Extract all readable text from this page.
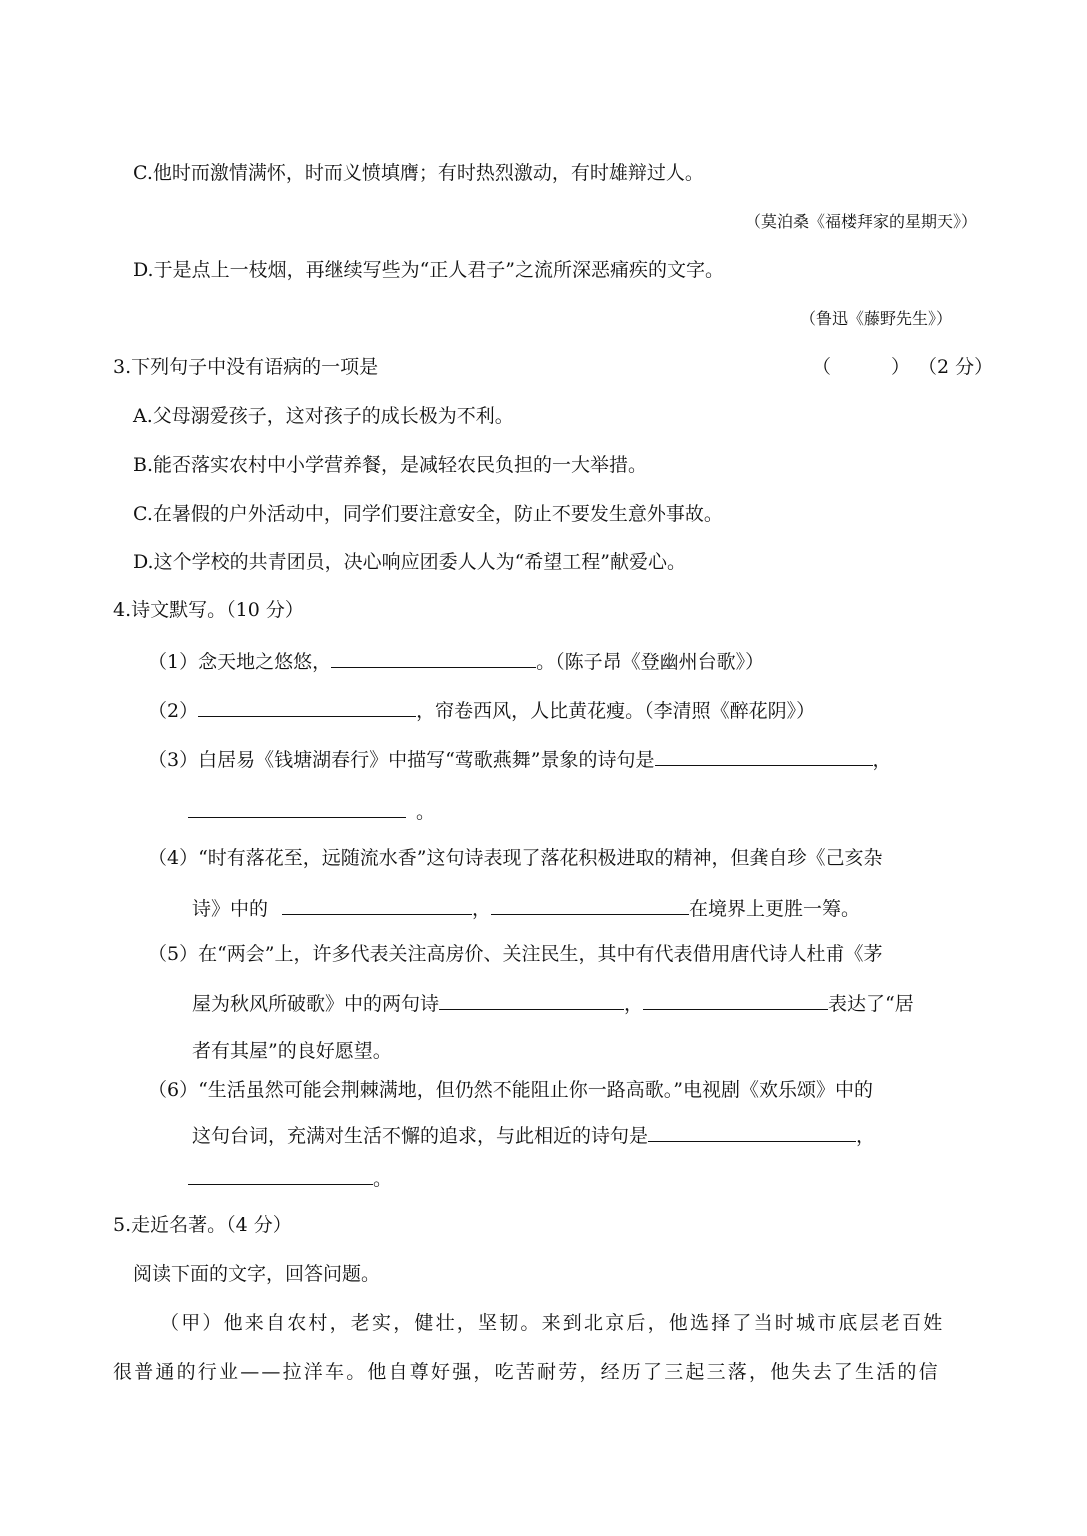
C.他时而激情满怀，时而义愤填膺；有时热烈激动，有时雄辩过人。
（莫泊桑《福楼拜家的星期天》）
D.于是点上一枝烟，再继续写些为“正人君子”之流所深恶痛疾的文字。
（鲁迅《藤野先生》）
3.下列句子中没有语病的一项是	（	） （2 分）
A.父母溺爱孩子，这对孩子的成长极为不利。
B.能否落实农村中小学营养餐，是减轻农民负担的一大举措。
C.在暑假的户外活动中，同学们要注意安全，防止不要发生意外事故。
D.这个学校的共青团员，决心响应团委人人为“希望工程”献爱心。
4.诗文默写。（10 分）
（1）念天地之悠悠，	。（陈子昂《登幽州台歌》）
（2）	，帘卷西风，人比黄花瘦。（李清照《醉花阴》）
（3）白居易《钱塘湖春行》中描写“莺歌燕舞”景象的诗句是	，
。
（4）“时有落花至，远随流水香”这句诗表现了落花积极进取的精神，但龚自珍《己亥杂
诗》中的	，	在境界上更胜一筹。
（5）在“两会”上，许多代表关注高房价、关注民生，其中有代表借用唐代诗人杜甫《茅
屋为秋风所破歌》中的两句诗	，	表达了“居
者有其屋”的良好愿望。
（6）“生活虽然可能会荆棘满地，但仍然不能阻止你一路高歌。”电视剧《欢乐颂》中的
这句台词，充满对生活不懈的追求，与此相近的诗句是	，
。
5.走近名著。（4 分）
阅读下面的文字，回答问题。
（甲）他来自农村，老实，健壮，坚韧。来到北京后，他选择了当时城市底层老百姓
很普通的行业——拉洋车。他自尊好强，吃苦耐劳，经历了三起三落，他失去了生活的信
